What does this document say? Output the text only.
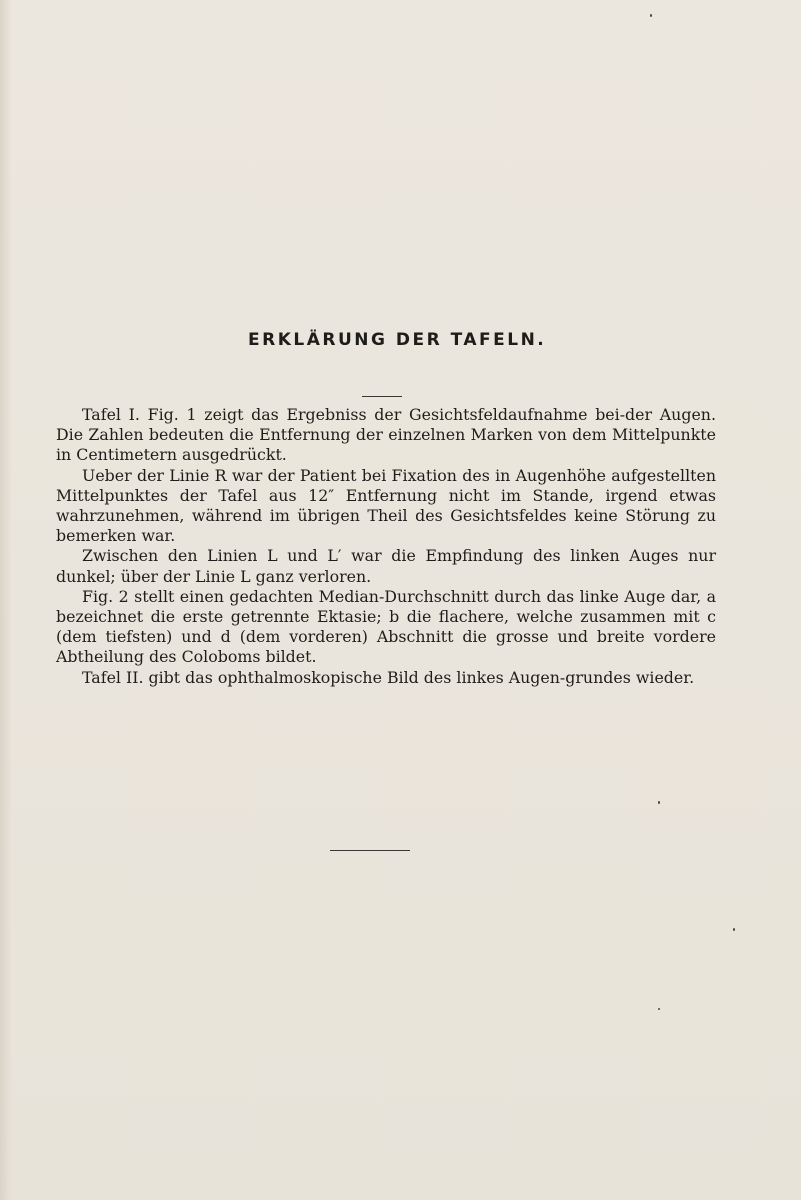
ERKLÄRUNG DER TAFELN.

Tafel I. Fig. 1 zeigt das Ergebniss der Gesichtsfeldaufnahme bei-der Augen. Die Zahlen bedeuten die Entfernung der einzelnen Marken von dem Mittelpunkte in Centimetern ausgedrückt.

Ueber der Linie R war der Patient bei Fixation des in Augenhöhe aufgestellten Mittelpunktes der Tafel aus 12″ Entfernung nicht im Stande, irgend etwas wahrzunehmen, während im übrigen Theil des Gesichtsfeldes keine Störung zu bemerken war.

Zwischen den Linien L und L′ war die Empfindung des linken Auges nur dunkel; über der Linie L ganz verloren.

Fig. 2 stellt einen gedachten Median-Durchschnitt durch das linke Auge dar, a bezeichnet die erste getrennte Ektasie; b die flachere, welche zusammen mit c (dem tiefsten) und d (dem vorderen) Abschnitt die grosse und breite vordere Abtheilung des Coloboms bildet.

Tafel II. gibt das ophthalmoskopische Bild des linkes Augen-grundes wieder.
